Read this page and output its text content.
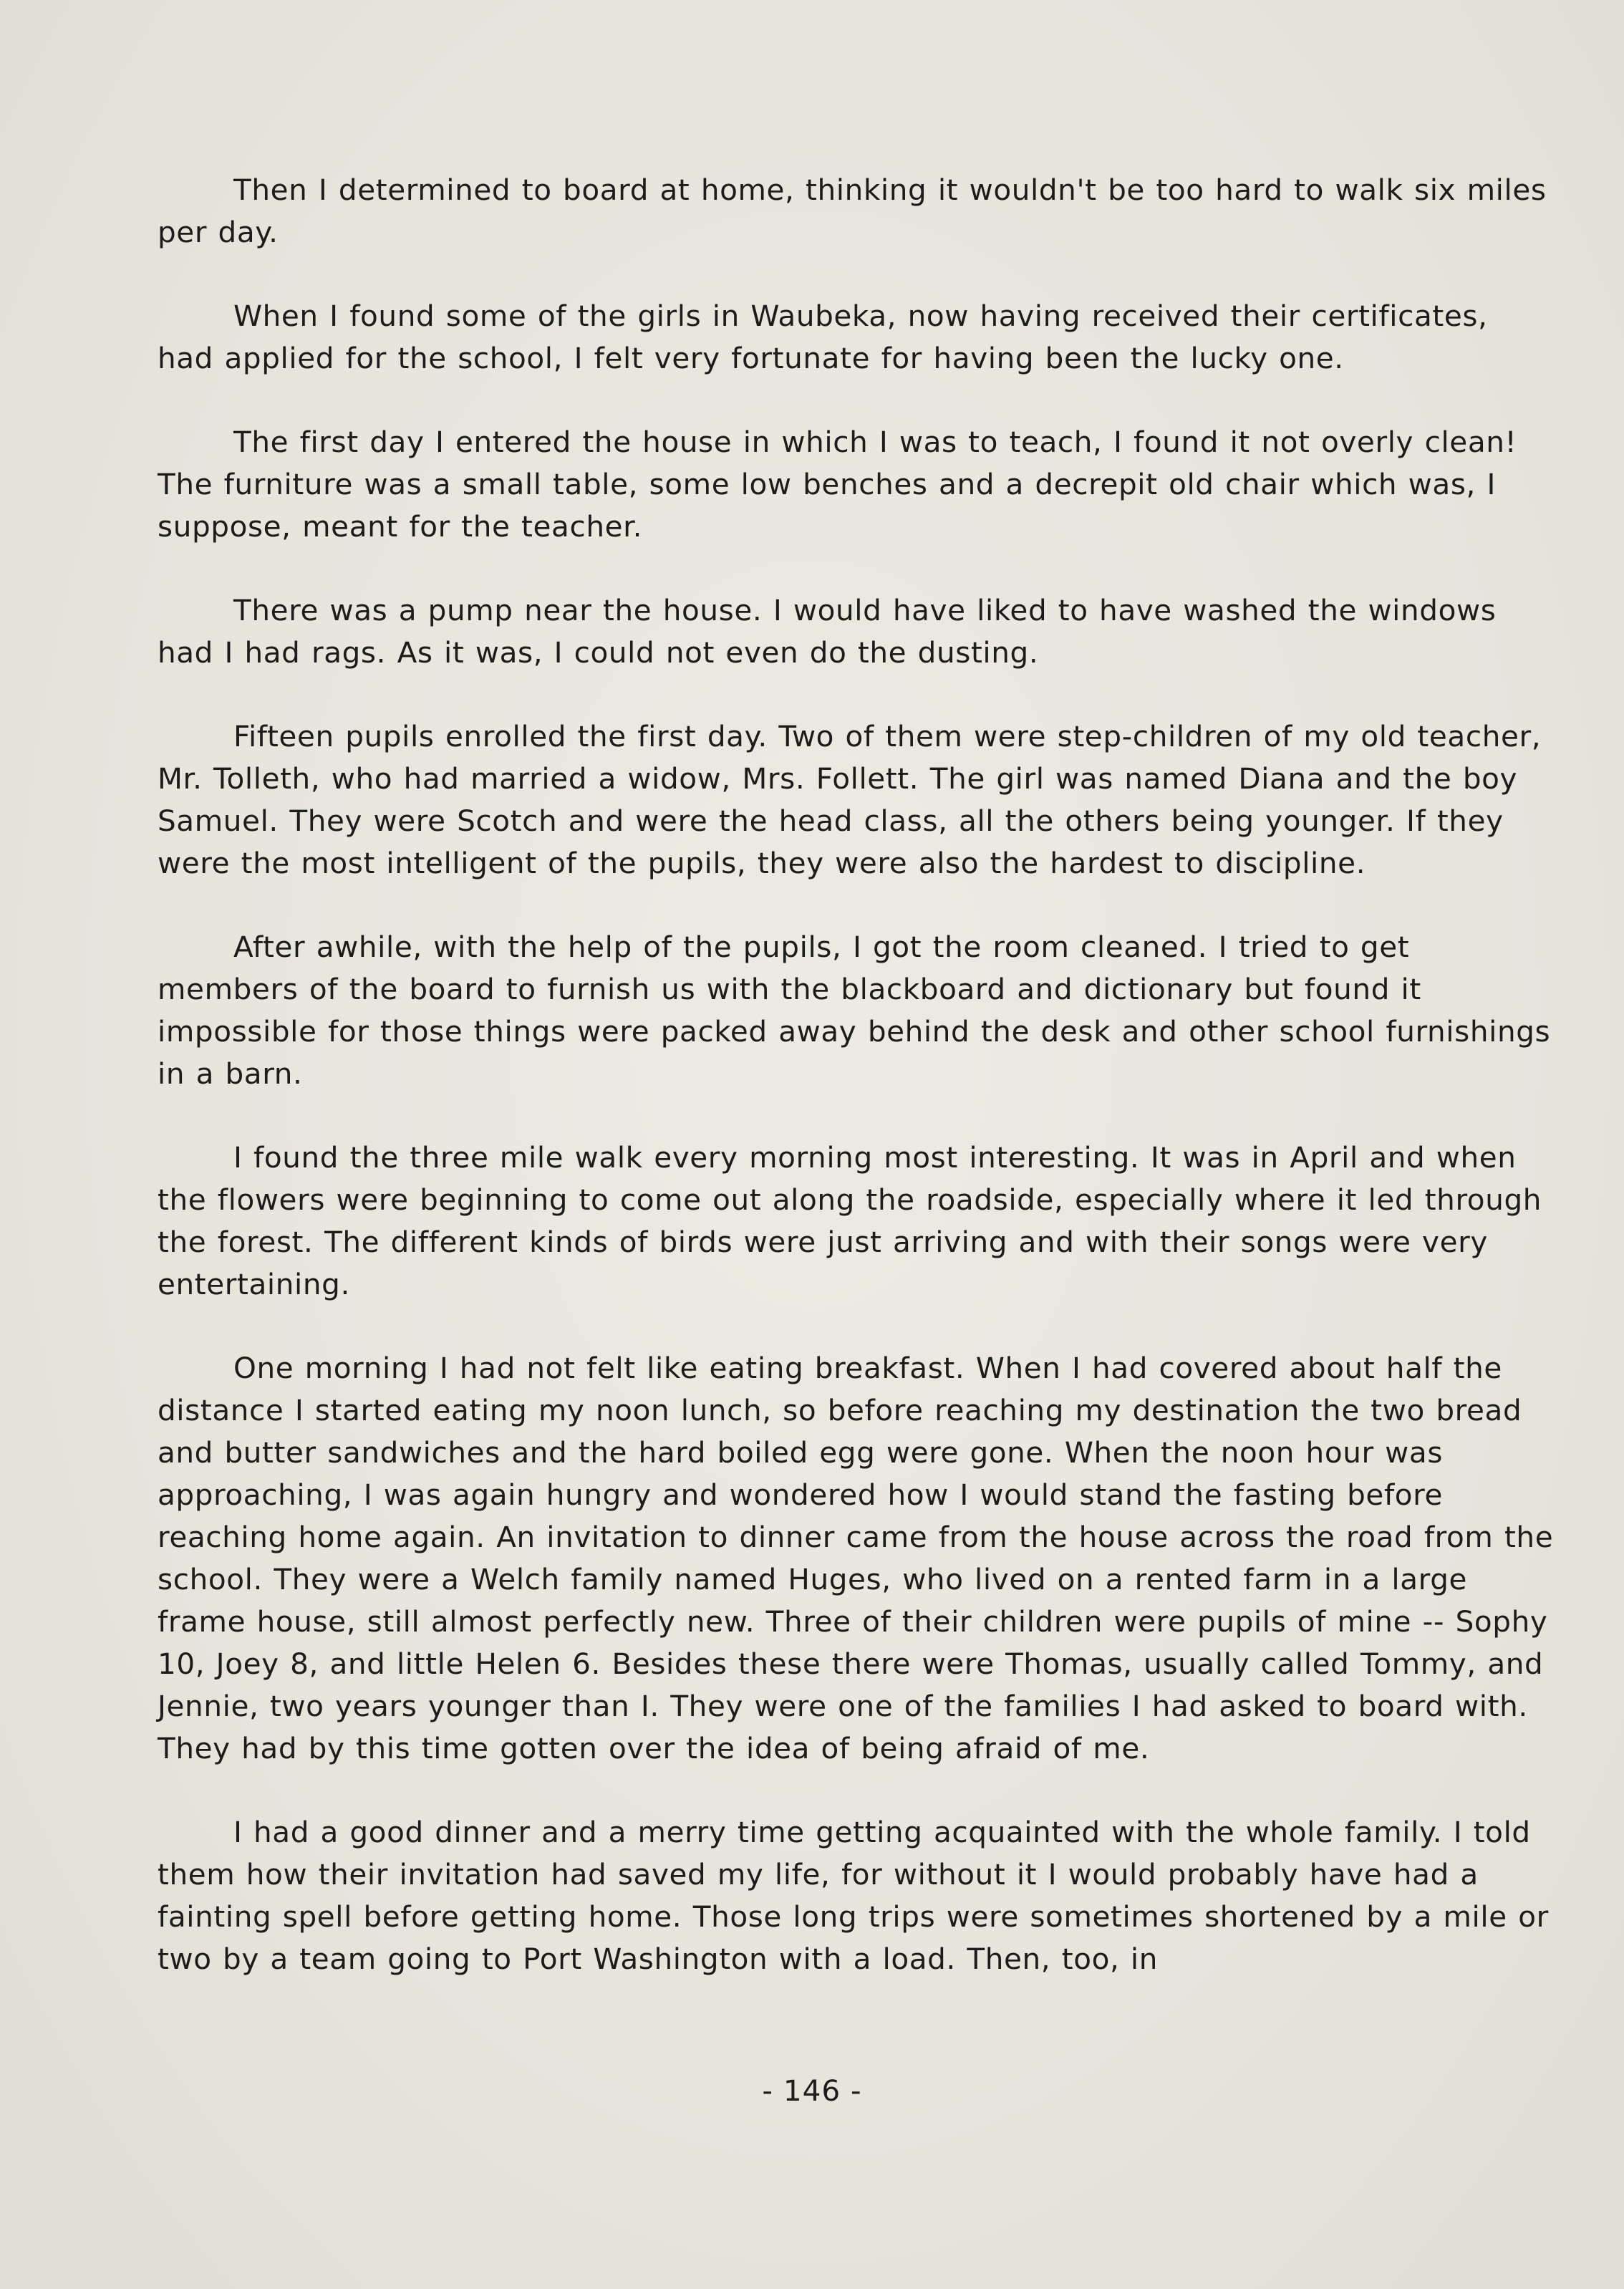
Then I determined to board at home, thinking it wouldn't be too hard to walk six miles per day.

When I found some of the girls in Waubeka, now having received their certificates, had applied for the school, I felt very fortunate for having been the lucky one.

The first day I entered the house in which I was to teach, I found it not overly clean! The furniture was a small table, some low benches and a decrepit old chair which was, I suppose, meant for the teacher.

There was a pump near the house. I would have liked to have washed the windows had I had rags. As it was, I could not even do the dusting.

Fifteen pupils enrolled the first day. Two of them were step-children of my old teacher, Mr. Tolleth, who had married a widow, Mrs. Follett. The girl was named Diana and the boy Samuel. They were Scotch and were the head class, all the others being younger. If they were the most intelligent of the pupils, they were also the hardest to discipline.

After awhile, with the help of the pupils, I got the room cleaned. I tried to get members of the board to furnish us with the blackboard and dictionary but found it impossible for those things were packed away behind the desk and other school furnishings in a barn.

I found the three mile walk every morning most interesting. It was in April and when the flowers were beginning to come out along the roadside, especially where it led through the forest. The different kinds of birds were just arriving and with their songs were very entertaining.

One morning I had not felt like eating breakfast. When I had covered about half the distance I started eating my noon lunch, so before reaching my destination the two bread and butter sandwiches and the hard boiled egg were gone. When the noon hour was approaching, I was again hungry and wondered how I would stand the fasting before reaching home again. An invitation to dinner came from the house across the road from the school. They were a Welch family named Huges, who lived on a rented farm in a large frame house, still almost perfectly new. Three of their children were pupils of mine -- Sophy 10, Joey 8, and little Helen 6. Besides these there were Thomas, usually called Tommy, and Jennie, two years younger than I. They were one of the families I had asked to board with. They had by this time gotten over the idea of being afraid of me.

I had a good dinner and a merry time getting acquainted with the whole family. I told them how their invitation had saved my life, for without it I would probably have had a fainting spell before getting home. Those long trips were sometimes shortened by a mile or two by a team going to Port Washington with a load. Then, too, in

- 146 -
